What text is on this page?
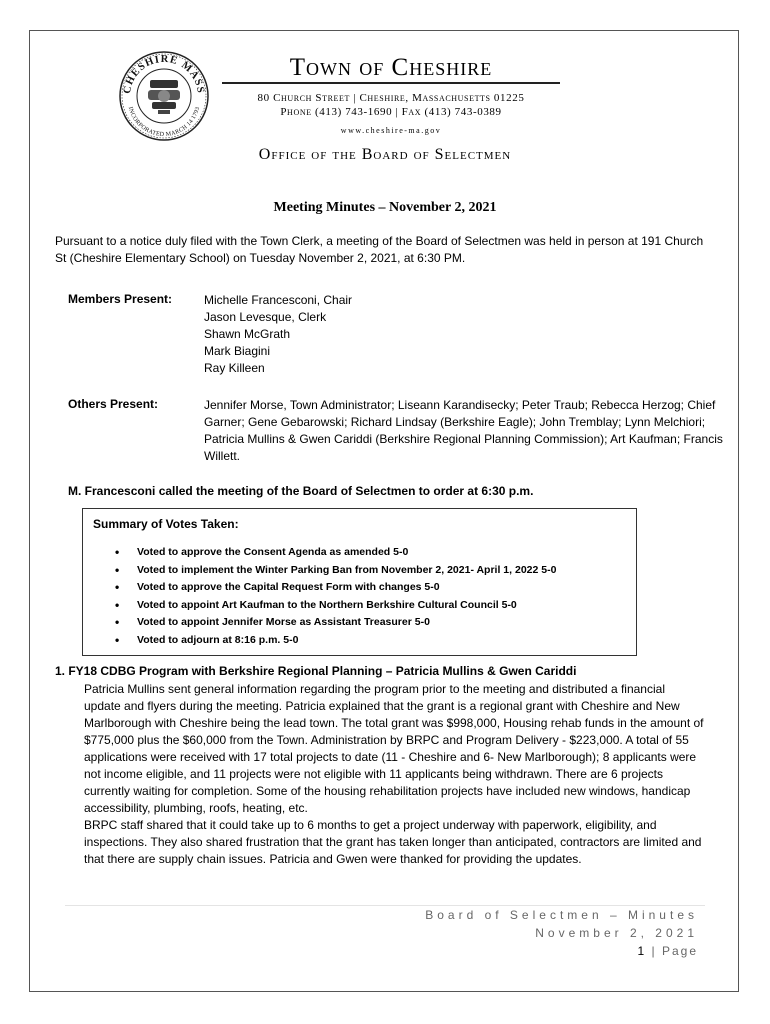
CHESHIRE MASS
INCORPORATED MARCH 14 1793
Town of Cheshire
80 Church Street | Cheshire, Massachusetts 01225
Phone (413) 743-1690 | Fax (413) 743-0389
www.cheshire-ma.gov
Office of the Board of Selectmen
Meeting Minutes – November 2, 2021

Pursuant to a notice duly filed with the Town Clerk, a meeting of the Board of Selectmen was held in person at 191 Church St (Cheshire Elementary School) on Tuesday November 2, 2021, at 6:30 PM.

Members Present:	Michelle Francesconi, Chair
Jason Levesque, Clerk
Shawn McGrath
Mark Biagini
Ray Killeen
Others Present:	Jennifer Morse, Town Administrator; Liseann Karandisecky; Peter Traub; Rebecca Herzog; Chief Garner; Gene Gebarowski; Richard Lindsay (Berkshire Eagle); John Tremblay; Lynn Melchiori; Patricia Mullins & Gwen Cariddi (Berkshire Regional Planning Commission); Art Kaufman; Francis Willett.

M. Francesconi called the meeting of the Board of Selectmen to order at 6:30 p.m.
Summary of Votes Taken:
• Voted to approve the Consent Agenda as amended 5-0
• Voted to implement the Winter Parking Ban from November 2, 2021- April 1, 2022 5-0
• Voted to approve the Capital Request Form with changes 5-0
• Voted to appoint Art Kaufman to the Northern Berkshire Cultural Council 5-0
• Voted to appoint Jennifer Morse as Assistant Treasurer 5-0
• Voted to adjourn at 8:16 p.m. 5-0
1. FY18 CDBG Program with Berkshire Regional Planning – Patricia Mullins & Gwen Cariddi

Patricia Mullins sent general information regarding the program prior to the meeting and distributed a financial update and flyers during the meeting. Patricia explained that the grant is a regional grant with Cheshire and New Marlborough with Cheshire being the lead town. The total grant was $998,000, Housing rehab funds in the amount of $775,000 plus the $60,000 from the Town. Administration by BRPC and Program Delivery - $223,000. A total of 55 applications were received with 17 total projects to date (11 - Cheshire and 6- New Marlborough); 8 applicants were not income eligible, and 11 projects were not eligible with 11 applicants being withdrawn. There are 6 projects currently waiting for completion. Some of the housing rehabilitation projects have included new windows, handicap accessibility, plumbing, roofs, heating, etc.

BRPC staff shared that it could take up to 6 months to get a project underway with paperwork, eligibility, and inspections. They also shared frustration that the grant has taken longer than anticipated, contractors are limited and that there are supply chain issues. Patricia and Gwen were thanked for providing the updates.

Board of Selectmen – Minutes
November 2, 2021
1 | Page
